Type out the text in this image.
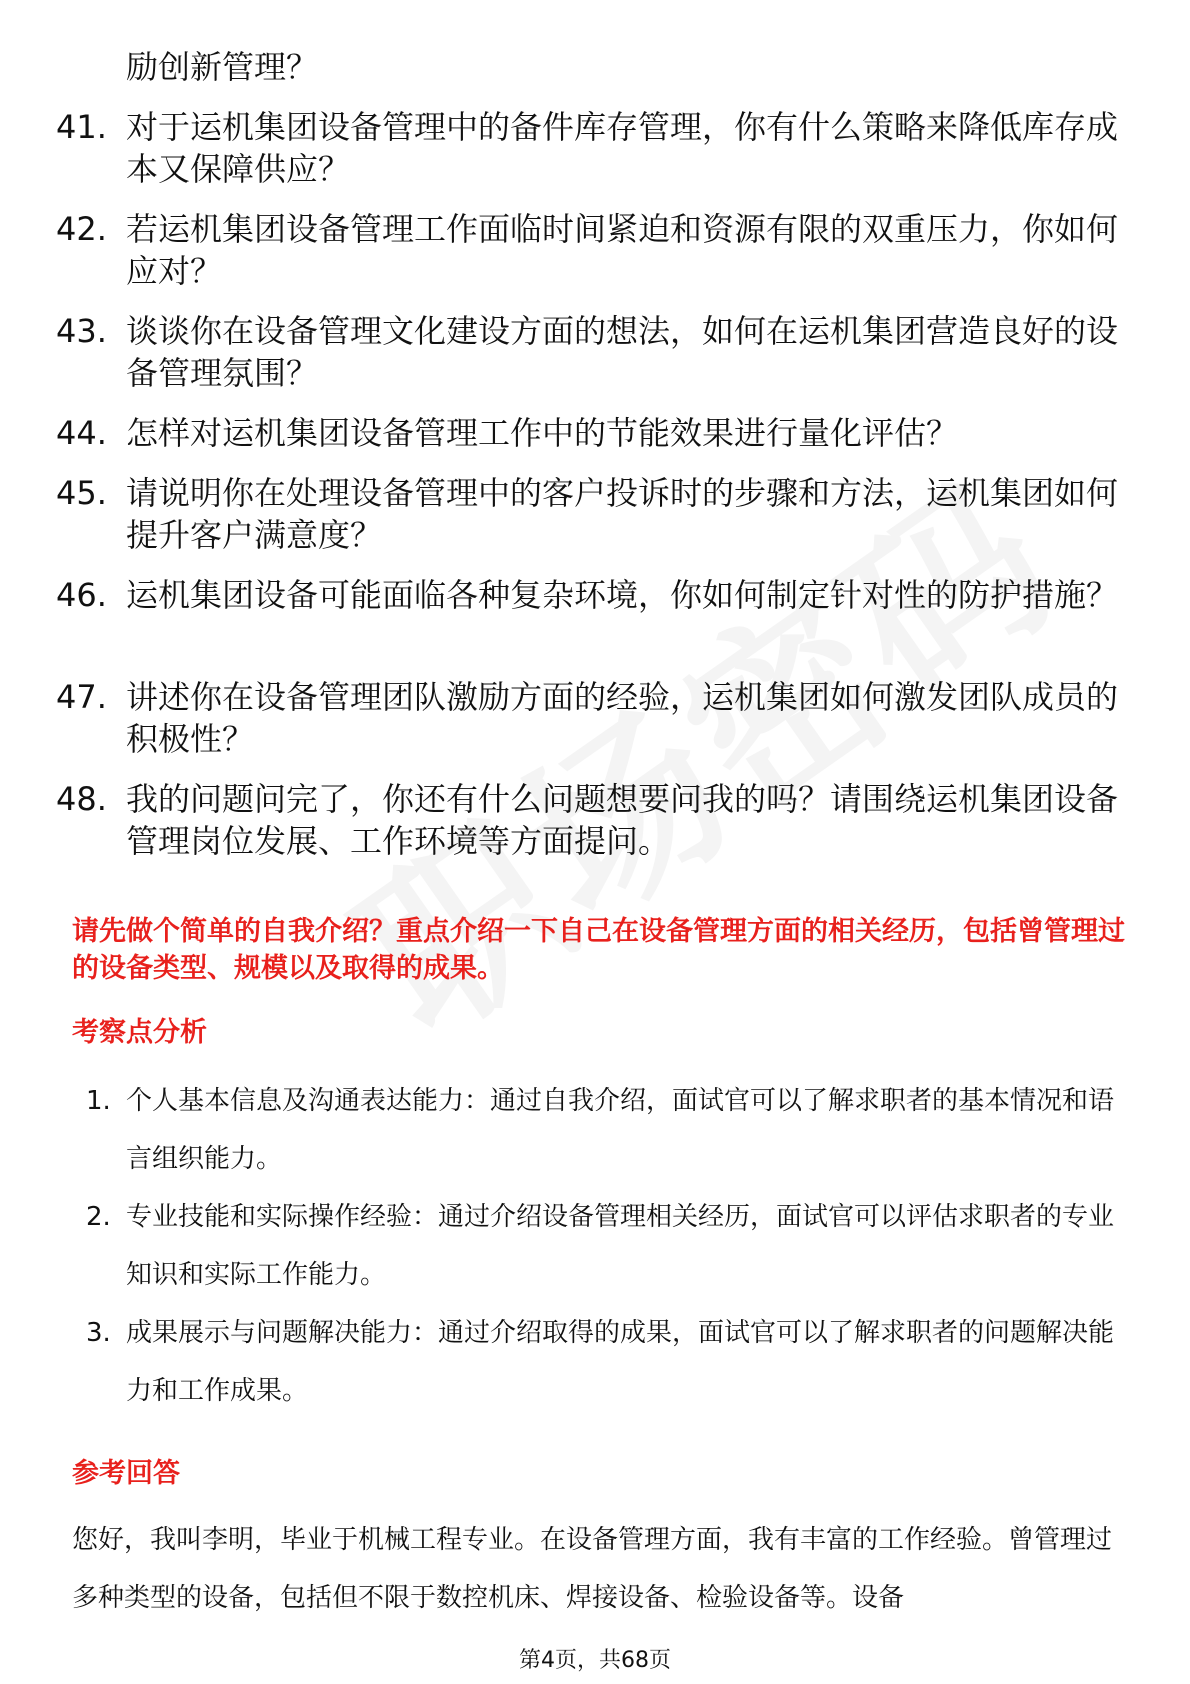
励创新管理？
41. 对于运机集团设备管理中的备件库存管理，你有什么策略来降低库存成本又保障供应？
42. 若运机集团设备管理工作面临时间紧迫和资源有限的双重压力，你如何应对？
43. 谈谈你在设备管理文化建设方面的想法，如何在运机集团营造良好的设备管理氛围？
44. 怎样对运机集团设备管理工作中的节能效果进行量化评估？
45. 请说明你在处理设备管理中的客户投诉时的步骤和方法，运机集团如何提升客户满意度？
46. 运机集团设备可能面临各种复杂环境，你如何制定针对性的防护措施？
47. 讲述你在设备管理团队激励方面的经验，运机集团如何激发团队成员的积极性？
48. 我的问题问完了，你还有什么问题想要问我的吗？请围绕运机集团设备管理岗位发展、工作环境等方面提问。
请先做个简单的自我介绍？重点介绍一下自己在设备管理方面的相关经历，包括曾管理过的设备类型、规模以及取得的成果。
考察点分析
1. 个人基本信息及沟通表达能力：通过自我介绍，面试官可以了解求职者的基本情况和语言组织能力。
2. 专业技能和实际操作经验：通过介绍设备管理相关经历，面试官可以评估求职者的专业知识和实际工作能力。
3. 成果展示与问题解决能力：通过介绍取得的成果，面试官可以了解求职者的问题解决能力和工作成果。
参考回答
您好，我叫李明，毕业于机械工程专业。在设备管理方面，我有丰富的工作经验。曾管理过多种类型的设备，包括但不限于数控机床、焊接设备、检验设备等。设备
第4页，共68页
